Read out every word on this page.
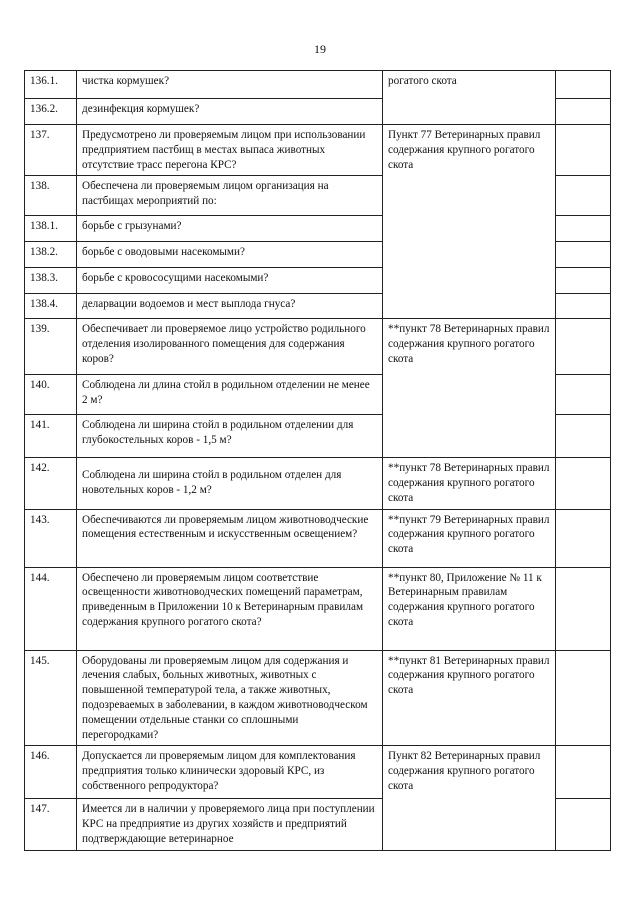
19
136.1.	чистка кормушек?	рогатого скота	
136.2.	дезинфекция кормушек?		
137.	Предусмотрено ли проверяемым лицом при использовании предприятием пастбищ в местах выпаса животных отсутствие трасс перегона КРС?	Пункт 77 Ветеринарных правил содержания крупного рогатого скота	
138.	Обеспечена ли проверяемым лицом организация на пастбищах мероприятий по:		
138.1.	борьбе с грызунами?		
138.2.	борьбе с оводовыми насекомыми?		
138.3.	борьбе с кровососущими насекомыми?		
138.4.	деларвации водоемов и мест выплода гнуса?		
139.	Обеспечивает ли проверяемое лицо устройство родильного отделения изолированного помещения для содержания коров?	**пункт 78 Ветеринарных правил содержания крупного рогатого скота	
140.	Соблюдена ли длина стойл в родильном отделении не менее 2 м?		
141.	Соблюдена ли ширина стойл в родильном отделении для глубокостельных коров - 1,5 м?		
142.	Соблюдена ли ширина стойл в родильном отделен для новотельных коров - 1,2 м?	**пункт 78 Ветеринарных правил содержания крупного рогатого скота	
143.	Обеспечиваются ли проверяемым лицом животноводческие помещения естественным и искусственным освещением?	**пункт 79 Ветеринарных правил содержания крупного рогатого скота	
144.	Обеспечено ли проверяемым лицом соответствие освещенности животноводческих помещений параметрам, приведенным в Приложении 10 к Ветеринарным правилам содержания крупного рогатого скота?	**пункт 80, Приложение № 11 к Ветеринарным правилам содержания крупного рогатого скота	
145.	Оборудованы ли проверяемым лицом для содержания и лечения слабых, больных животных, животных с повышенной температурой тела, а также животных, подозреваемых в заболевании, в каждом животноводческом помещении отдельные станки со сплошными перегородками?	**пункт 81 Ветеринарных правил содержания крупного рогатого скота	
146.	Допускается ли проверяемым лицом для комплектования предприятия только клинически здоровый КРС, из собственного репродуктора?	Пункт 82 Ветеринарных правил содержания крупного рогатого скота	
147.	Имеется ли в наличии у проверяемого лица при поступлении КРС на предприятие из других хозяйств и предприятий подтверждающие ветеринарное		
